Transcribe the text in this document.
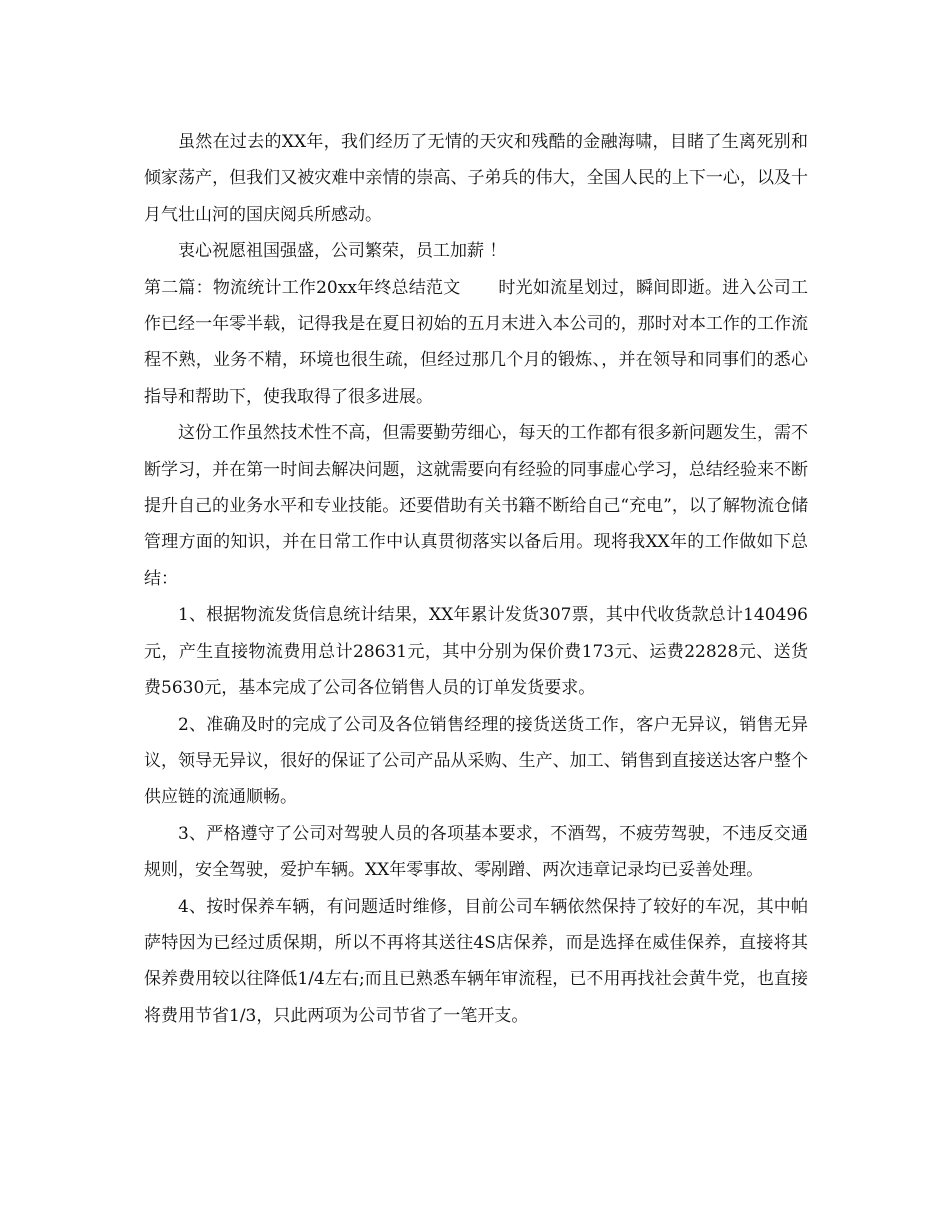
虽然在过去的XX年，我们经历了无情的天灾和残酷的金融海啸，目睹了生离死别和倾家荡产，但我们又被灾难中亲情的崇高、子弟兵的伟大，全国人民的上下一心，以及十月气壮山河的国庆阅兵所感动。

衷心祝愿祖国强盛，公司繁荣，员工加薪 ！

第二篇：物流统计工作20xx年终总结范文 时光如流星划过，瞬间即逝。进入公司工作已经一年零半载，记得我是在夏日初始的五月末进入本公司的，那时对本工作的工作流程不熟，业务不精，环境也很生疏，但经过那几个月的锻炼、，并在领导和同事们的悉心指导和帮助下，使我取得了很多进展。

这份工作虽然技术性不高，但需要勤劳细心，每天的工作都有很多新问题发生，需不断学习，并在第一时间去解决问题，这就需要向有经验的同事虚心学习，总结经验来不断提升自己的业务水平和专业技能。还要借助有关书籍不断给自己“充电”，以了解物流仓储管理方面的知识，并在日常工作中认真贯彻落实以备后用。现将我XX年的工作做如下总结：

1、根据物流发货信息统计结果，XX年累计发货307票，其中代收货款总计140496元，产生直接物流费用总计28631元，其中分别为保价费173元、运费22828元、送货费5630元，基本完成了公司各位销售人员的订单发货要求。

2、准确及时的完成了公司及各位销售经理的接货送货工作，客户无异议，销售无异议，领导无异议，很好的保证了公司产品从采购、生产、加工、销售到直接送达客户整个供应链的流通顺畅。

3、严格遵守了公司对驾驶人员的各项基本要求，不酒驾，不疲劳驾驶，不违反交通规则，安全驾驶，爱护车辆。XX年零事故、零剐蹭、两次违章记录均已妥善处理。

4、按时保养车辆，有问题适时维修，目前公司车辆依然保持了较好的车况，其中帕萨特因为已经过质保期，所以不再将其送往4S店保养，而是选择在威佳保养，直接将其保养费用较以往降低1/4左右;而且已熟悉车辆年审流程，已不用再找社会黄牛党，也直接将费用节省1/3，只此两项为公司节省了一笔开支。
